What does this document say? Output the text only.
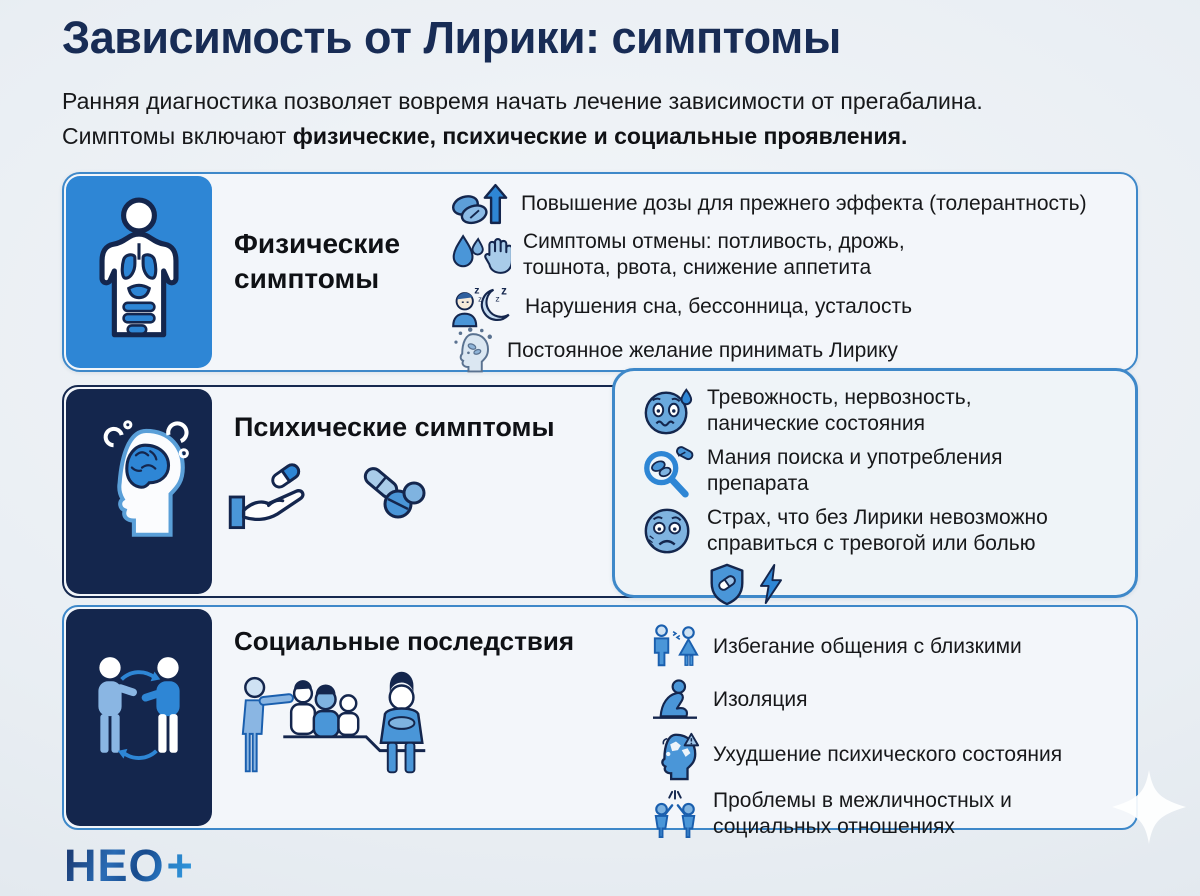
Зависимость от Лирики: симптомы

Ранняя диагностика позволяет вовремя начать лечение зависимости от прегабалина.
Симптомы включают физические, психические и социальные проявления.

Физические симптомы
Повышение дозы для прежнего эффекта (толерантность)
Симптомы отмены: потливость, дрожь, тошнота, рвота, снижение аппетита
z
z z
z
Нарушения сна, бессонница, усталость
Постоянное желание принимать Лирику
Психические симптомы
Тревожность, нервозность, панические состояния
Мания поиска и употребления препарата
Страх, что без Лирики невозможно справиться с тревогой или болью
Социальные последствия	Избегание общения с близкими
Изоляция
Ухудшение психического состояния
Проблемы в межличностных и социальных отношениях
НЕО+
